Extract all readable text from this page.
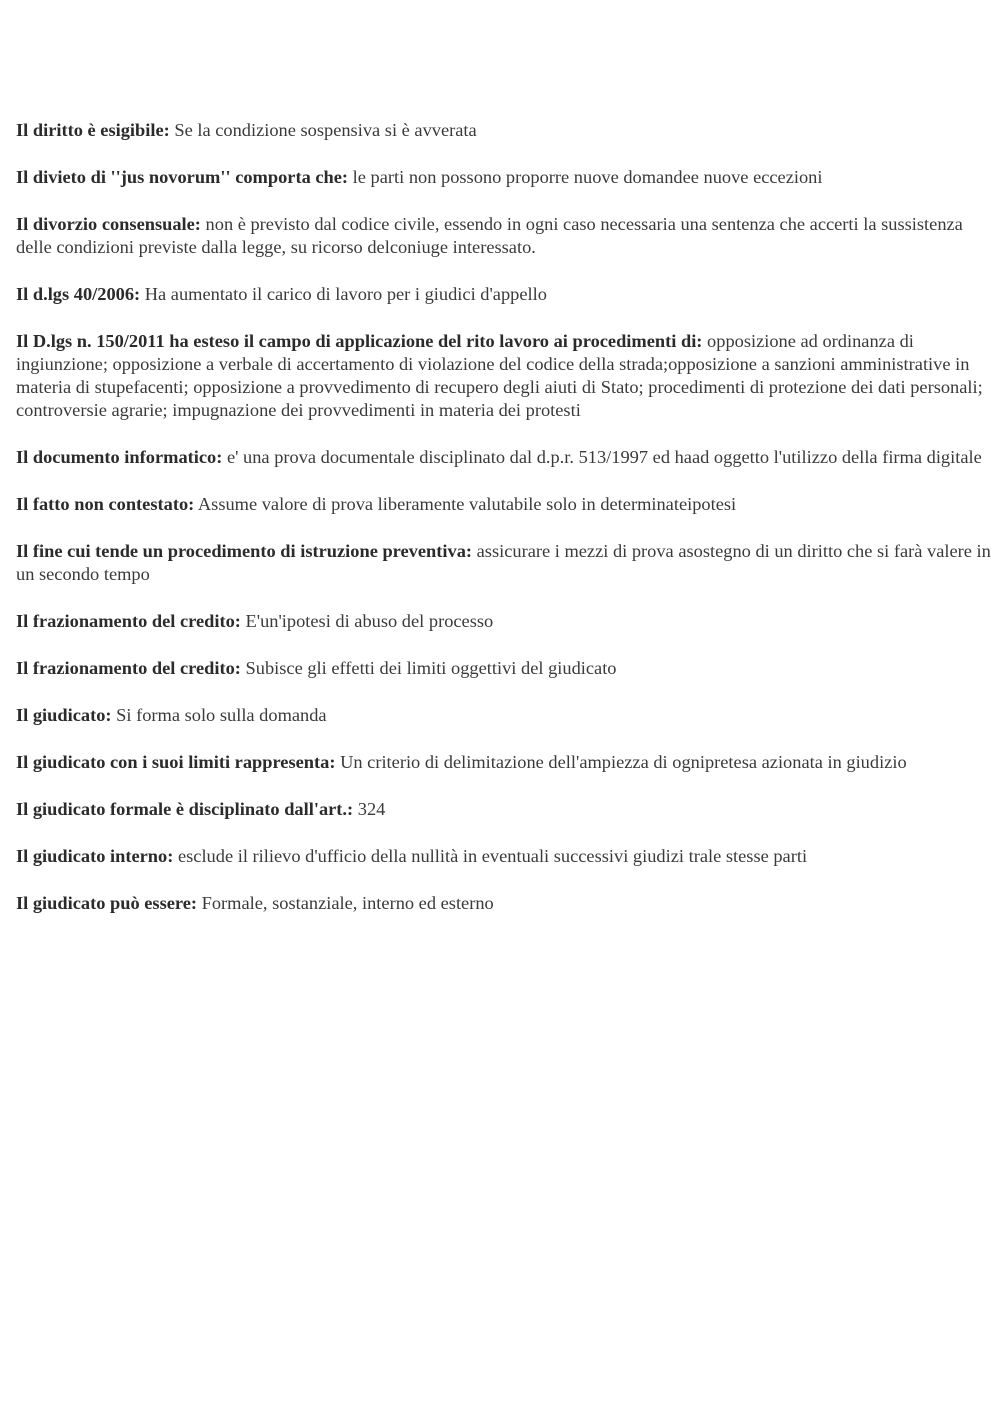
Il diritto è esigibile: Se la condizione sospensiva si è avverata

Il divieto di ''jus novorum'' comporta che: le parti non possono proporre nuove domandee nuove eccezioni

Il divorzio consensuale: non è previsto dal codice civile, essendo in ogni caso necessaria una sentenza che accerti la sussistenza delle condizioni previste dalla legge, su ricorso delconiuge interessato.

Il d.lgs 40/2006: Ha aumentato il carico di lavoro per i giudici d'appello

Il D.lgs n. 150/2011 ha esteso il campo di applicazione del rito lavoro ai procedimenti di: opposizione ad ordinanza di ingiunzione; opposizione a verbale di accertamento di violazione del codice della strada;opposizione a sanzioni amministrative in materia di stupefacenti; opposizione a provvedimento di recupero degli aiuti di Stato; procedimenti di protezione dei dati personali; controversie agrarie; impugnazione dei provvedimenti in materia dei protesti

Il documento informatico: e' una prova documentale disciplinato dal d.p.r. 513/1997 ed haad oggetto l'utilizzo della firma digitale

Il fatto non contestato: Assume valore di prova liberamente valutabile solo in determinateipotesi

Il fine cui tende un procedimento di istruzione preventiva: assicurare i mezzi di prova asostegno di un diritto che si farà valere in un secondo tempo

Il frazionamento del credito: E'un'ipotesi di abuso del processo

Il frazionamento del credito: Subisce gli effetti dei limiti oggettivi del giudicato

Il giudicato: Si forma solo sulla domanda

Il giudicato con i suoi limiti rappresenta: Un criterio di delimitazione dell'ampiezza di ognipretesa azionata in giudizio

Il giudicato formale è disciplinato dall'art.: 324

Il giudicato interno: esclude il rilievo d'ufficio della nullità in eventuali successivi giudizi trale stesse parti

Il giudicato può essere: Formale, sostanziale, interno ed esterno
